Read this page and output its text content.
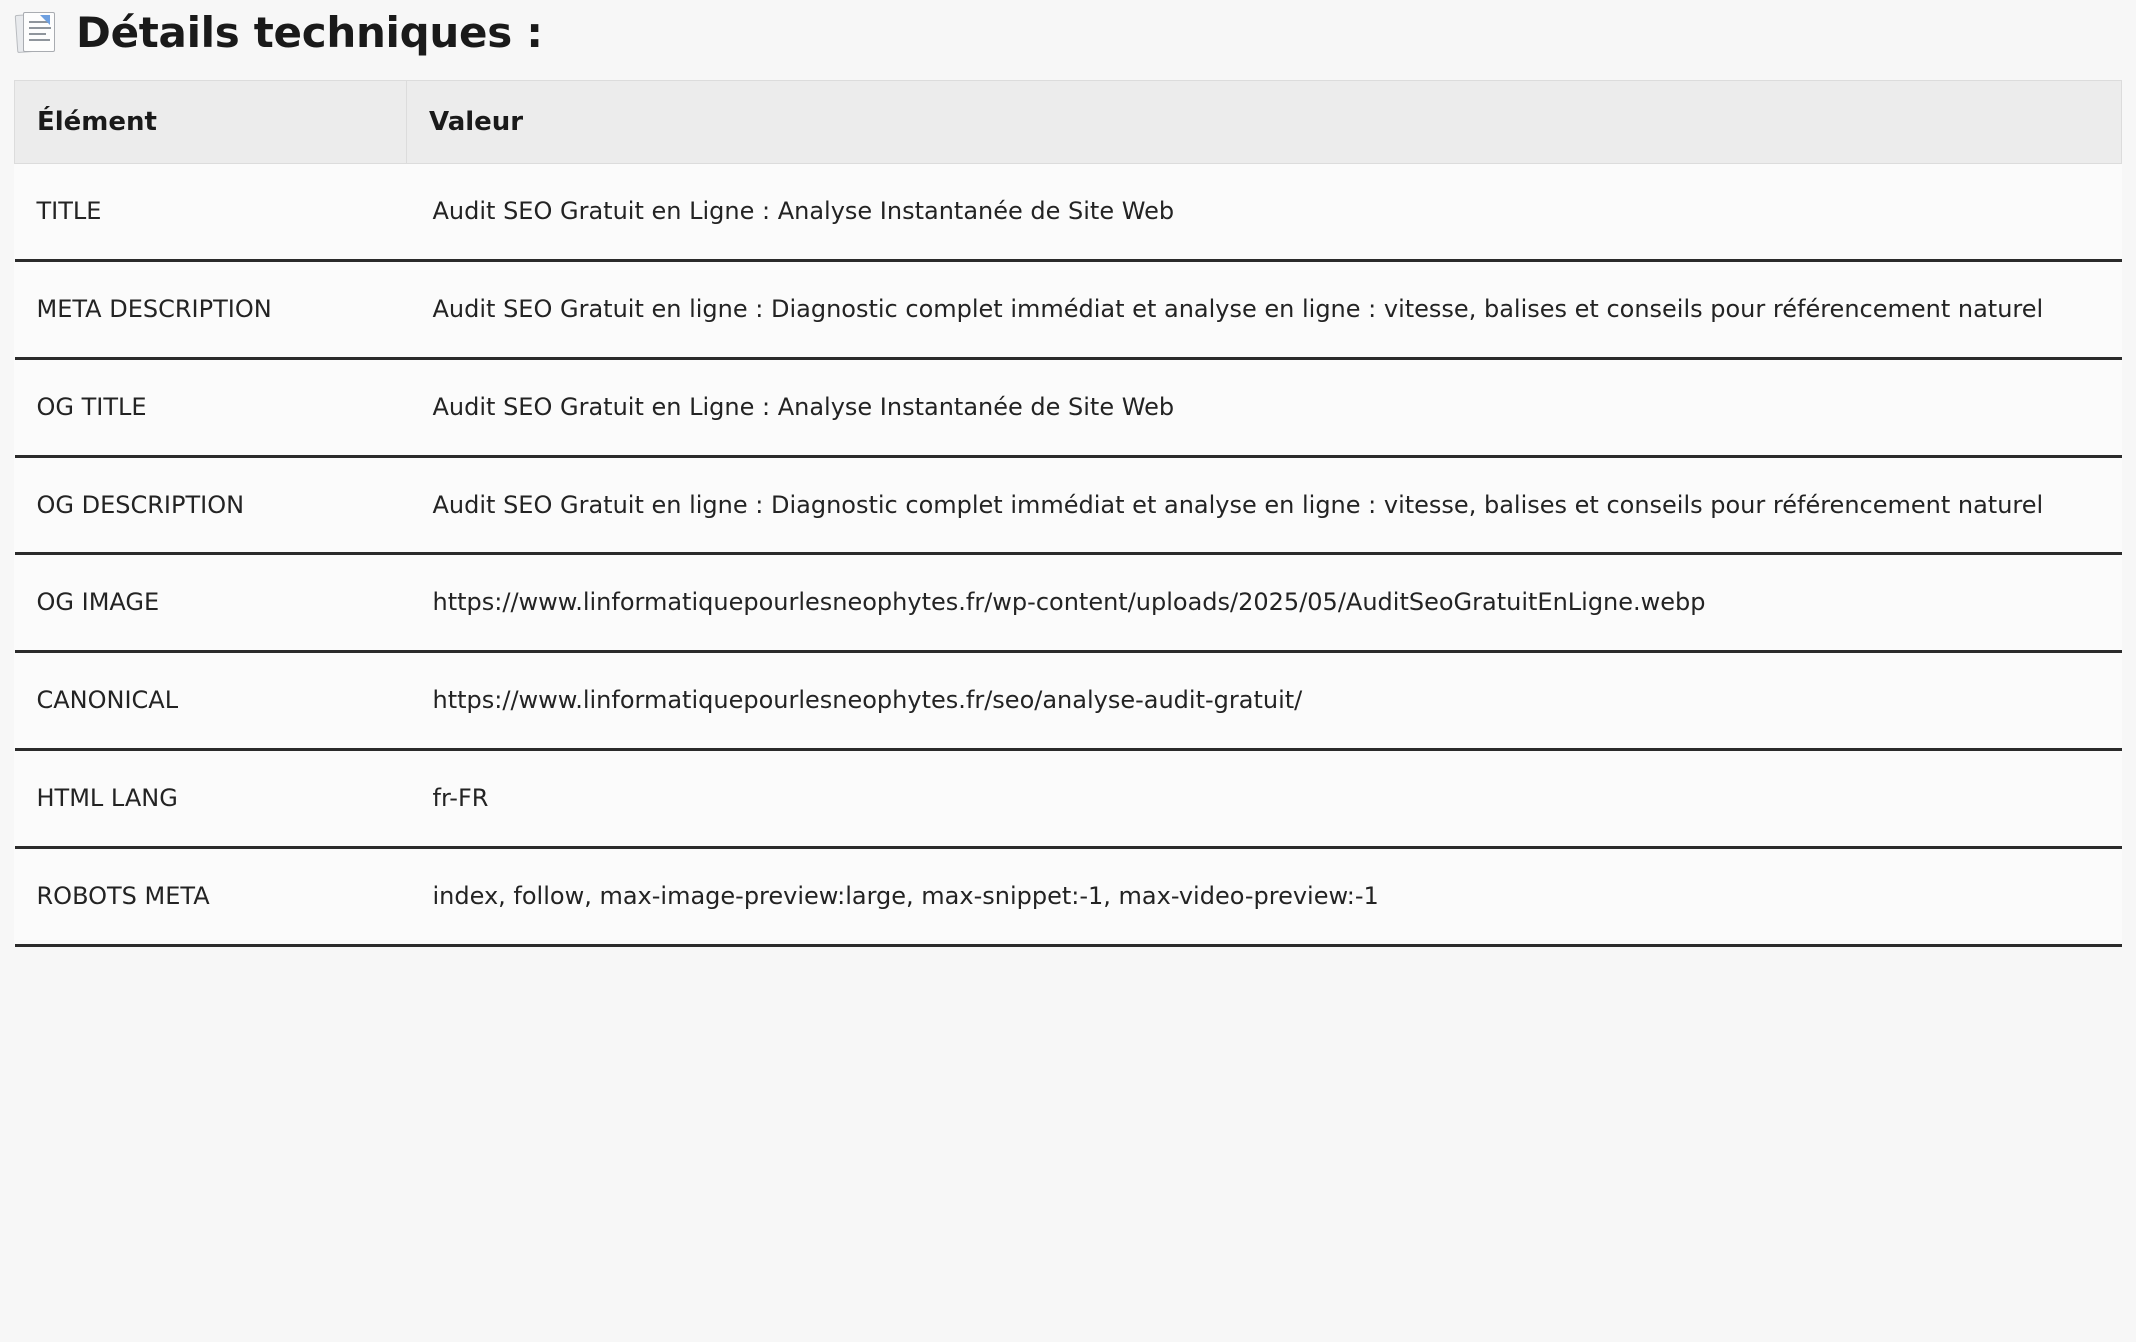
Détails techniques :
Élément	Valeur
TITLE	Audit SEO Gratuit en Ligne : Analyse Instantanée de Site Web
META DESCRIPTION	Audit SEO Gratuit en ligne : Diagnostic complet immédiat et analyse en ligne : vitesse, balises et conseils pour référencement naturel
OG TITLE	Audit SEO Gratuit en Ligne : Analyse Instantanée de Site Web
OG DESCRIPTION	Audit SEO Gratuit en ligne : Diagnostic complet immédiat et analyse en ligne : vitesse, balises et conseils pour référencement naturel
OG IMAGE	https://www.linformatiquepourlesneophytes.fr/wp-content/uploads/2025/05/AuditSeoGratuitEnLigne.webp
CANONICAL	https://www.linformatiquepourlesneophytes.fr/seo/analyse-audit-gratuit/
HTML LANG	fr-FR
ROBOTS META	index, follow, max-image-preview:large, max-snippet:-1, max-video-preview:-1
